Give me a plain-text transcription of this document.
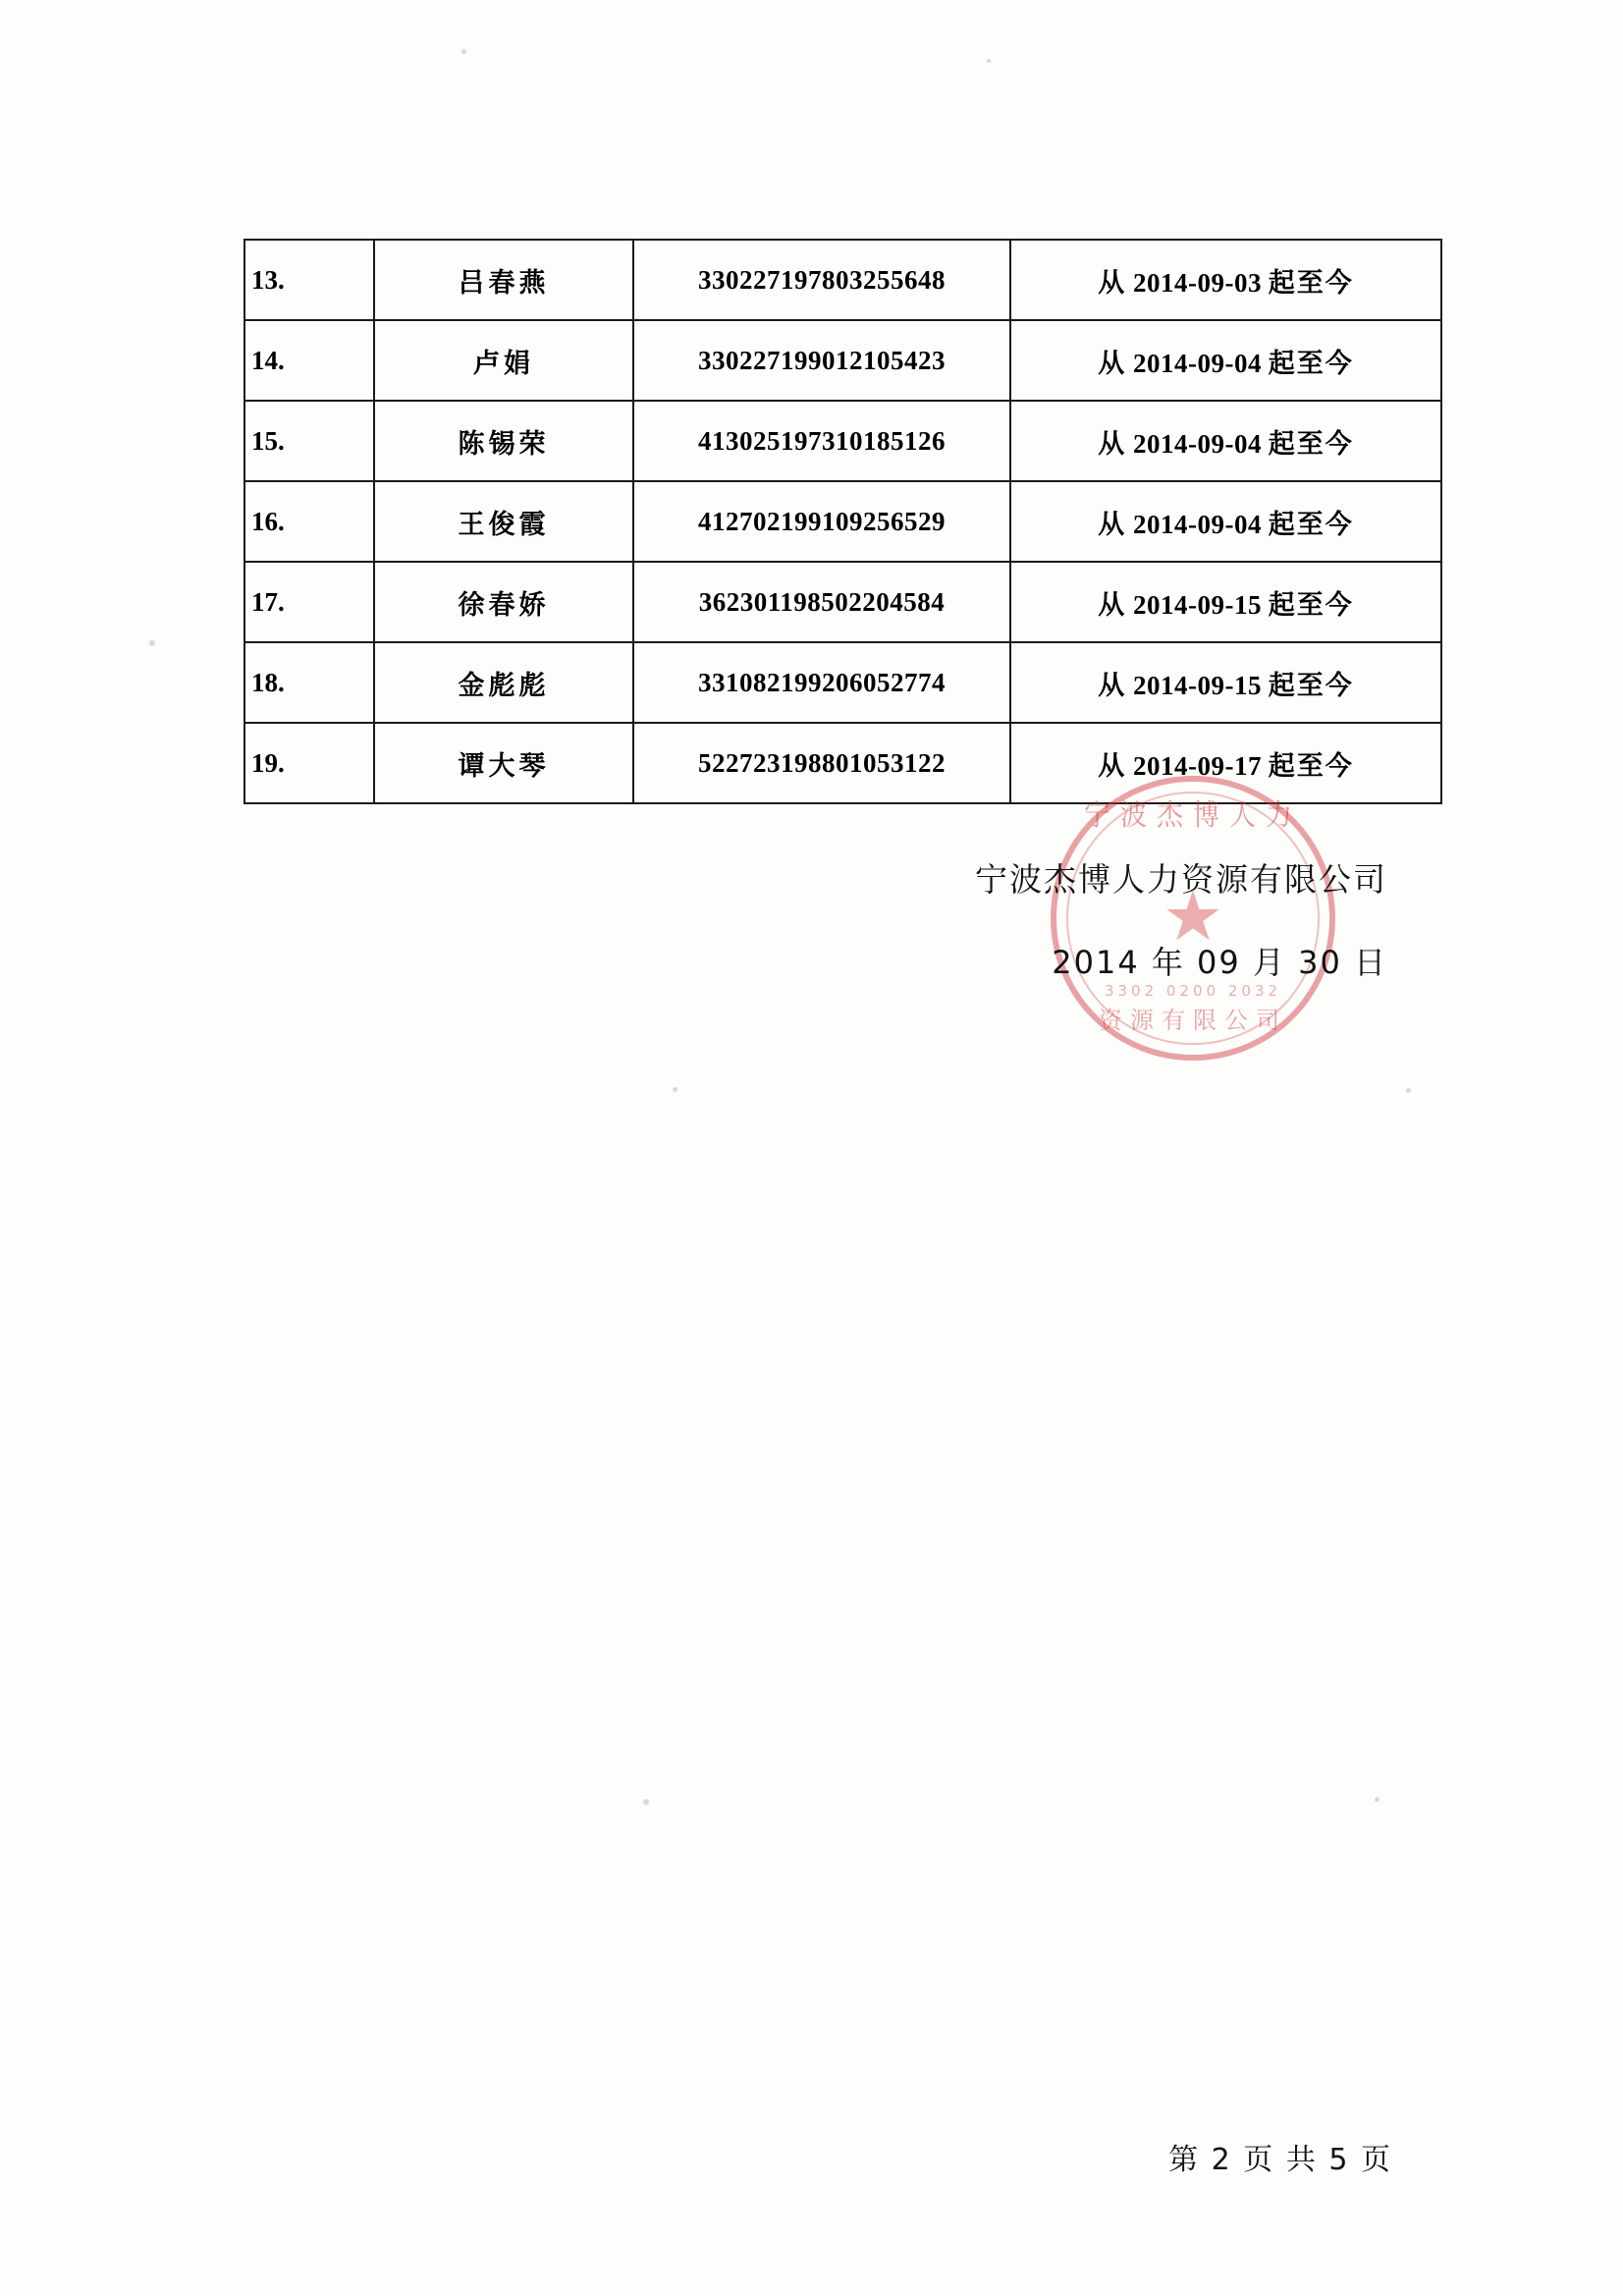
13.	吕春燕	330227197803255648	从 2014-09-03 起至今
14.	卢娟	330227199012105423	从 2014-09-04 起至今
15.	陈锡荣	413025197310185126	从 2014-09-04 起至今
16.	王俊霞	412702199109256529	从 2014-09-04 起至今
17.	徐春娇	362301198502204584	从 2014-09-15 起至今
18.	金彪彪	331082199206052774	从 2014-09-15 起至今
19.	谭大琴	522723198801053122	从 2014-09-17 起至今
宁波杰博人力
★
3302 0200 2032
资源有限公司
宁波杰博人力资源有限公司
2014 年 09 月 30 日
第 2 页 共 5 页
